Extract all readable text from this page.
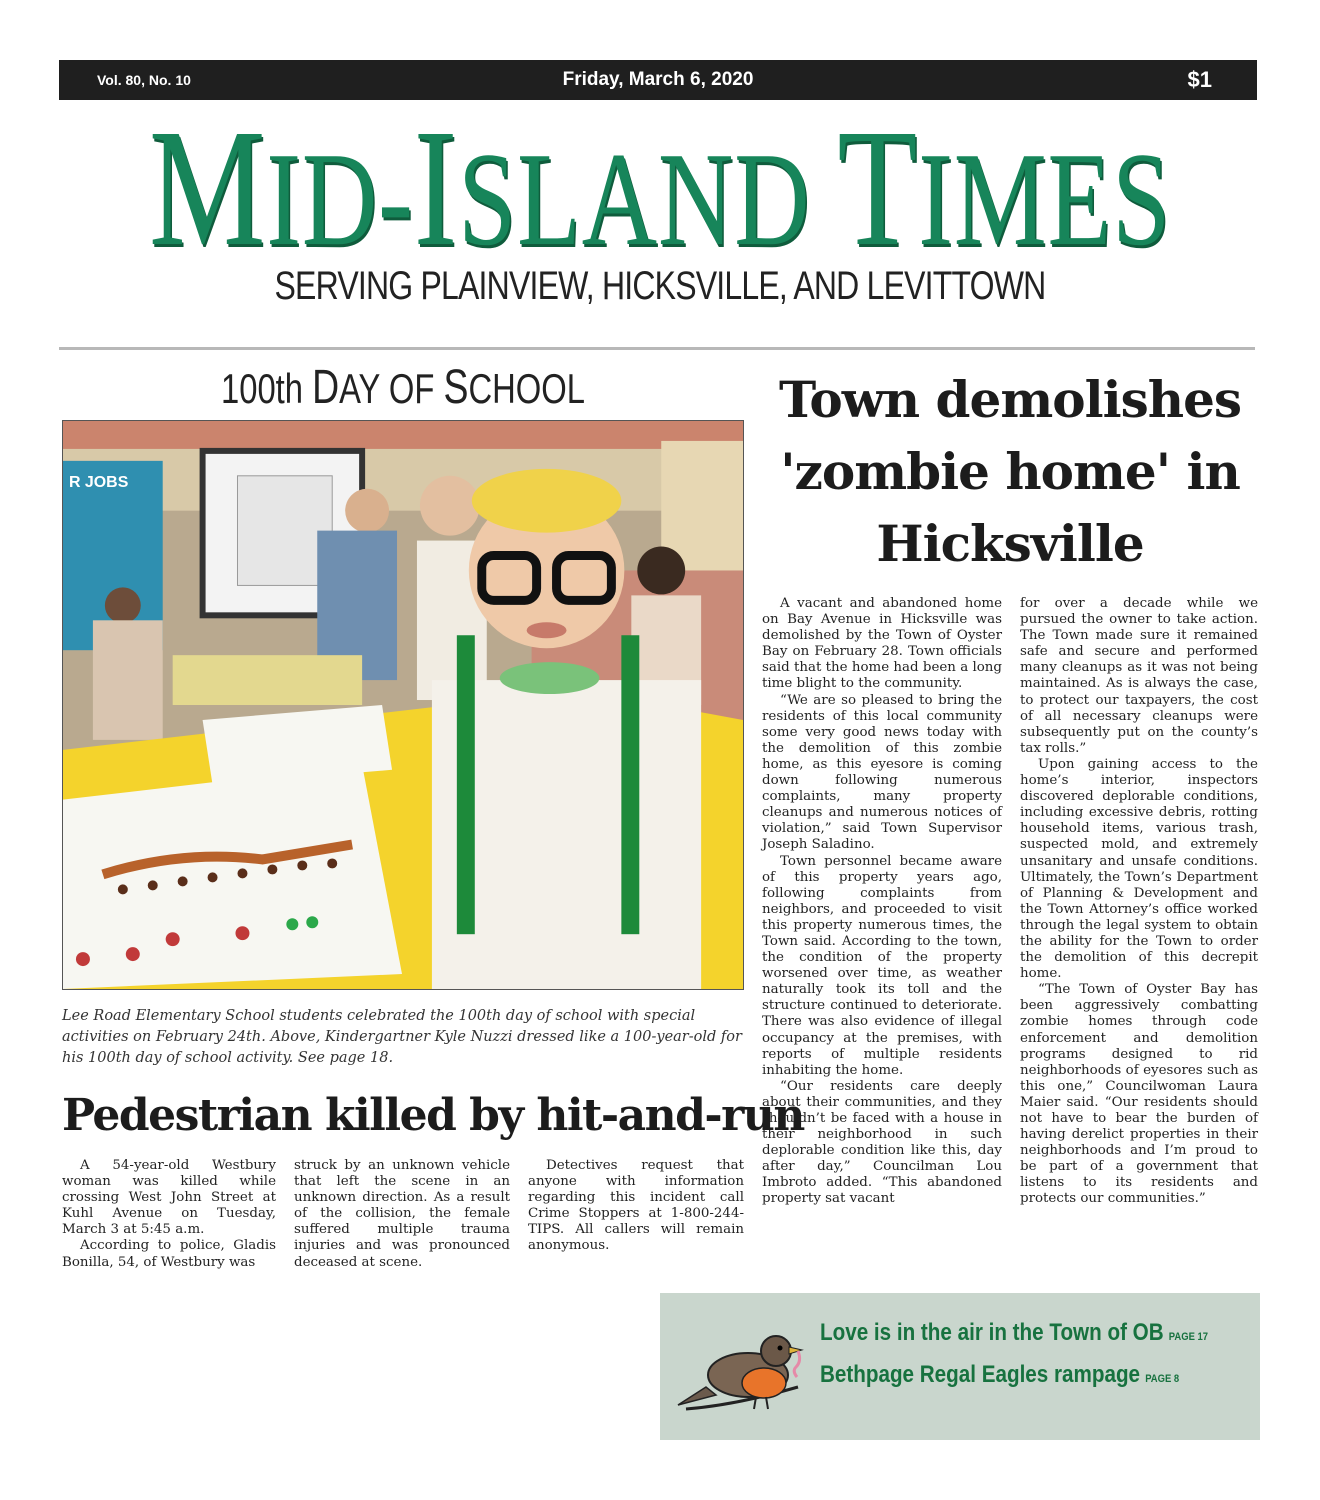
Vol. 80, No. 10	Friday, March 6, 2020	$1
MID-ISLAND TIMES
SERVING PLAINVIEW, HICKSVILLE, AND LEVITTOWN
100th DAY OF SCHOOL
R JOBS
Lee Road Elementary School students celebrated the 100th day of school with special activities on February 24th. Above, Kindergartner Kyle Nuzzi dressed like a 100-year-old for his 100th day of school activity. See page 18.
Town demolishes 'zombie home' in Hicksville

A vacant and abandoned home on Bay Avenue in Hicksville was demolished by the Town of Oyster Bay on February 28. Town officials said that the home had been a long time blight to the community.

“We are so pleased to bring the residents of this local community some very good news today with the demolition of this zombie home, as this eyesore is coming down following numerous complaints, many property cleanups and numerous notices of violation,” said Town Supervisor Joseph Saladino.

Town personnel became aware of this property years ago, following complaints from neighbors, and proceeded to visit this property numerous times, the Town said. According to the town, the condition of the property worsened over time, as weather naturally took its toll and the structure continued to deteriorate. There was also evidence of illegal occupancy at the premises, with reports of multiple residents inhabiting the home.

“Our residents care deeply about their communities, and they shouldn’t be faced with a house in their neighborhood in such deplorable condition like this, day after day,” Councilman Lou Imbroto added. “This abandoned property sat vacant

for over a decade while we pursued the owner to take action. The Town made sure it remained safe and secure and performed many cleanups as it was not being maintained. As is always the case, to protect our taxpayers, the cost of all necessary cleanups were subsequently put on the county’s tax rolls.”

Upon gaining access to the home’s interior, inspectors discovered deplorable conditions, including excessive debris, rotting household items, various trash, suspected mold, and extremely unsanitary and unsafe conditions. Ultimately, the Town’s Department of Planning & Development and the Town Attorney’s office worked through the legal system to obtain the ability for the Town to order the demolition of this decrepit home.

“The Town of Oyster Bay has been aggressively combatting zombie homes through code enforcement and demolition programs designed to rid neighborhoods of eyesores such as this one,” Councilwoman Laura Maier said. “Our residents should not have to bear the burden of having derelict properties in their neighborhoods and I’m proud to be part of a government that listens to its residents and protects our communities.”

Pedestrian killed by hit-and-run

A 54-year-old Westbury woman was killed while crossing West John Street at Kuhl Avenue on Tuesday, March 3 at 5:45 a.m.

According to police, Gladis Bonilla, 54, of Westbury was

struck by an unknown vehicle that left the scene in an unknown direction. As a result of the collision, the female suffered multiple trauma injuries and was pronounced deceased at scene.

Detectives request that anyone with information regarding this incident call Crime Stoppers at 1-800-244-TIPS. All callers will remain anonymous.

Love is in the air in the Town of OB PAGE 17
Bethpage Regal Eagles rampage PAGE 8
